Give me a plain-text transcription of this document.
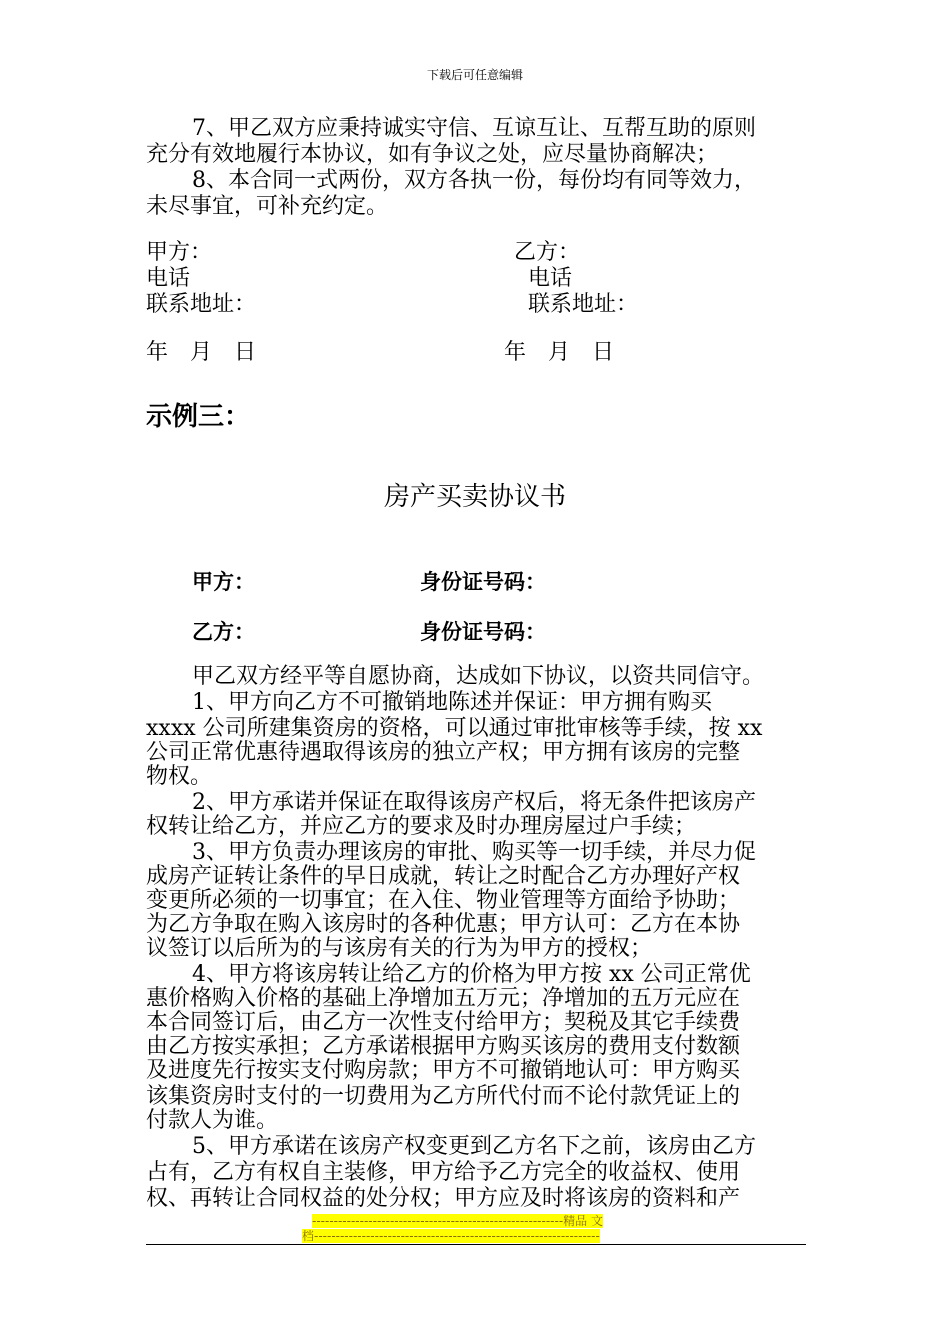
下载后可任意编辑
7、甲乙双方应秉持诚实守信、互谅互让、互帮互助的原则
充分有效地履行本协议，如有争议之处，应尽量协商解决；
8、本合同一式两份，双方各执一份，每份均有同等效力，
未尽事宜，可补充约定。
甲方：	乙方：
电话	电话
联系地址：	联系地址：
年　月　日	年　月　日
示例三：
房产买卖协议书
甲方：	身份证号码：
乙方：	身份证号码：
甲乙双方经平等自愿协商，达成如下协议，以资共同信守。
1、甲方向乙方不可撤销地陈述并保证：甲方拥有购买
xxxx 公司所建集资房的资格，可以通过审批审核等手续，按 xx
公司正常优惠待遇取得该房的独立产权；甲方拥有该房的完整
物权。
2、甲方承诺并保证在取得该房产权后，将无条件把该房产
权转让给乙方，并应乙方的要求及时办理房屋过户手续；
3、甲方负责办理该房的审批、购买等一切手续，并尽力促
成房产证转让条件的早日成就，转让之时配合乙方办理好产权
变更所必须的一切事宜；在入住、物业管理等方面给予协助；
为乙方争取在购入该房时的各种优惠；甲方认可：乙方在本协
议签订以后所为的与该房有关的行为为甲方的授权；
4、甲方将该房转让给乙方的价格为甲方按 xx 公司正常优
惠价格购入价格的基础上净增加五万元；净增加的五万元应在
本合同签订后，由乙方一次性支付给甲方；契税及其它手续费
由乙方按实承担；乙方承诺根据甲方购买该房的费用支付数额
及进度先行按实支付购房款；甲方不可撤销地认可：甲方购买
该集资房时支付的一切费用为乙方所代付而不论付款凭证上的
付款人为谁。
5、甲方承诺在该房产权变更到乙方名下之前，该房由乙方
占有，乙方有权自主装修，甲方给予乙方完全的收益权、使用
权、再转让合同权益的处分权；甲方应及时将该房的资料和产
----------------------------------------------------------精品 文
档------------------------------------------------------------------
